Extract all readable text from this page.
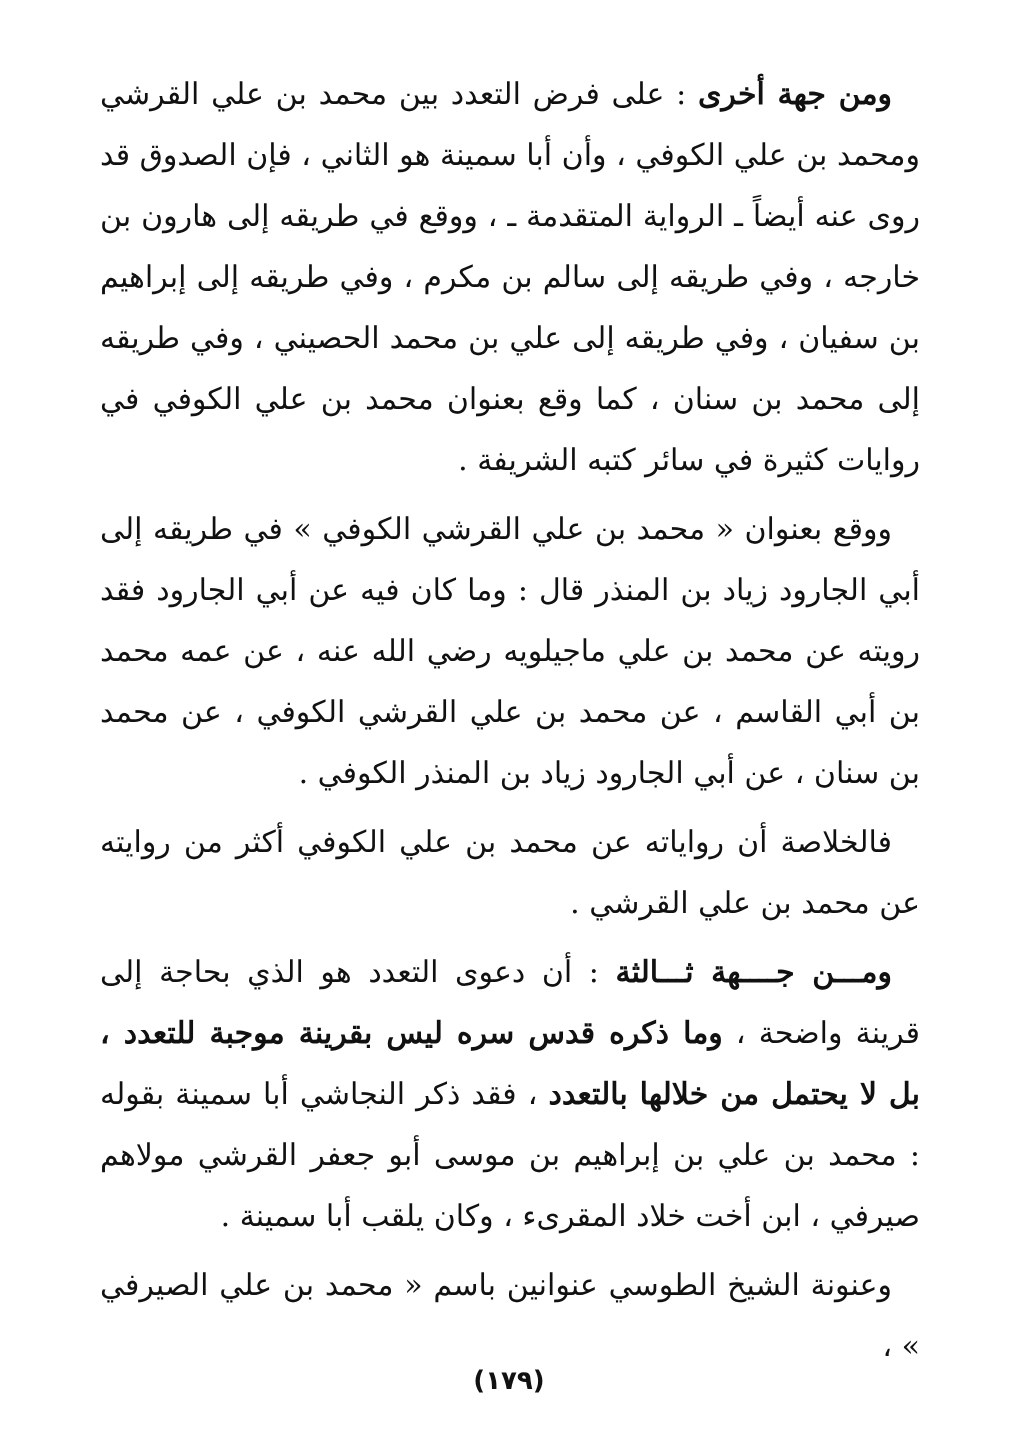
ومن جهة أخرى : على فرض التعدد بين محمد بن علي القرشي ومحمد بن علي الكوفي ، وأن أبا سمينة هو الثاني ، فإن الصدوق قد روى عنه أيضاً ـ الرواية المتقدمة ـ ، ووقع في طريقه إلى هارون بن خارجه ، وفي طريقه إلى سالم بن مكرم ، وفي طريقه إلى إبراهيم بن سفيان ، وفي طريقه إلى علي بن محمد الحصيني ، وفي طريقه إلى محمد بن سنان ، كما وقع بعنوان محمد بن علي الكوفي في روايات كثيرة في سائر كتبه الشريفة .

ووقع بعنوان « محمد بن علي القرشي الكوفي » في طريقه إلى أبي الجارود زياد بن المنذر قال : وما كان فيه عن أبي الجارود فقد رويته عن محمد بن علي ماجيلويه رضي الله عنه ، عن عمه محمد بن أبي القاسم ، عن محمد بن علي القرشي الكوفي ، عن محمد بن سنان ، عن أبي الجارود زياد بن المنذر الكوفي .

فالخلاصة أن رواياته عن محمد بن علي الكوفي أكثر من روايته عن محمد بن علي القرشي .

ومـــن جــــهة ثـــالثة : أن دعوى التعدد هو الذي بحاجة إلى قرينة واضحة ، وما ذكره قدس سره ليس بقرينة موجبة للتعدد ، بل لا يحتمل من خلالها بالتعدد ، فقد ذكر النجاشي أبا سمينة بقوله : محمد بن علي بن إبراهيم بن موسى أبو جعفر القرشي مولاهم صيرفي ، ابن أخت خلاد المقرىء ، وكان يلقب أبا سمينة .

وعنونة الشيخ الطوسي عنوانين باسم « محمد بن علي الصيرفي » ،

(١٧٩)
